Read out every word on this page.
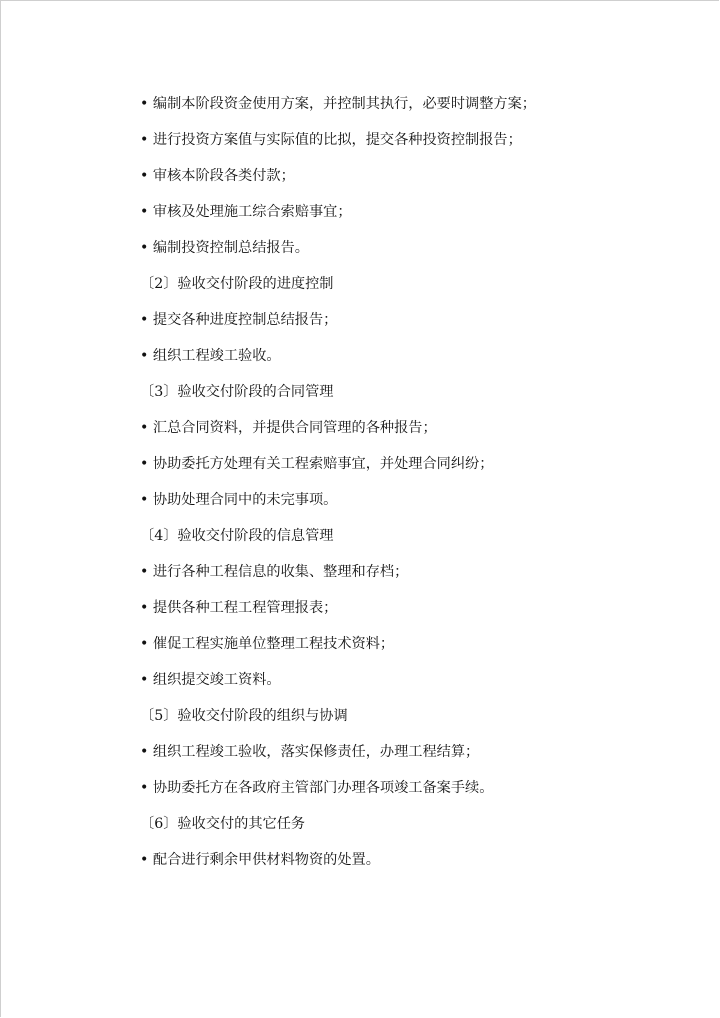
• 编制本阶段资金使用方案，并控制其执行，必要时调整方案；
• 进行投资方案值与实际值的比拟，提交各种投资控制报告；
• 审核本阶段各类付款；
• 审核及处理施工综合索赔事宜；
• 编制投资控制总结报告。
〔2〕验收交付阶段的进度控制
• 提交各种进度控制总结报告；
• 组织工程竣工验收。
〔3〕验收交付阶段的合同管理
• 汇总合同资料，并提供合同管理的各种报告；
• 协助委托方处理有关工程索赔事宜，并处理合同纠纷；
• 协助处理合同中的未完事项。
〔4〕验收交付阶段的信息管理
• 进行各种工程信息的收集、整理和存档；
• 提供各种工程工程管理报表；
• 催促工程实施单位整理工程技术资料；
• 组织提交竣工资料。
〔5〕验收交付阶段的组织与协调
• 组织工程竣工验收，落实保修责任，办理工程结算；
• 协助委托方在各政府主管部门办理各项竣工备案手续。
〔6〕验收交付的其它任务
• 配合进行剩余甲供材料物资的处置。
